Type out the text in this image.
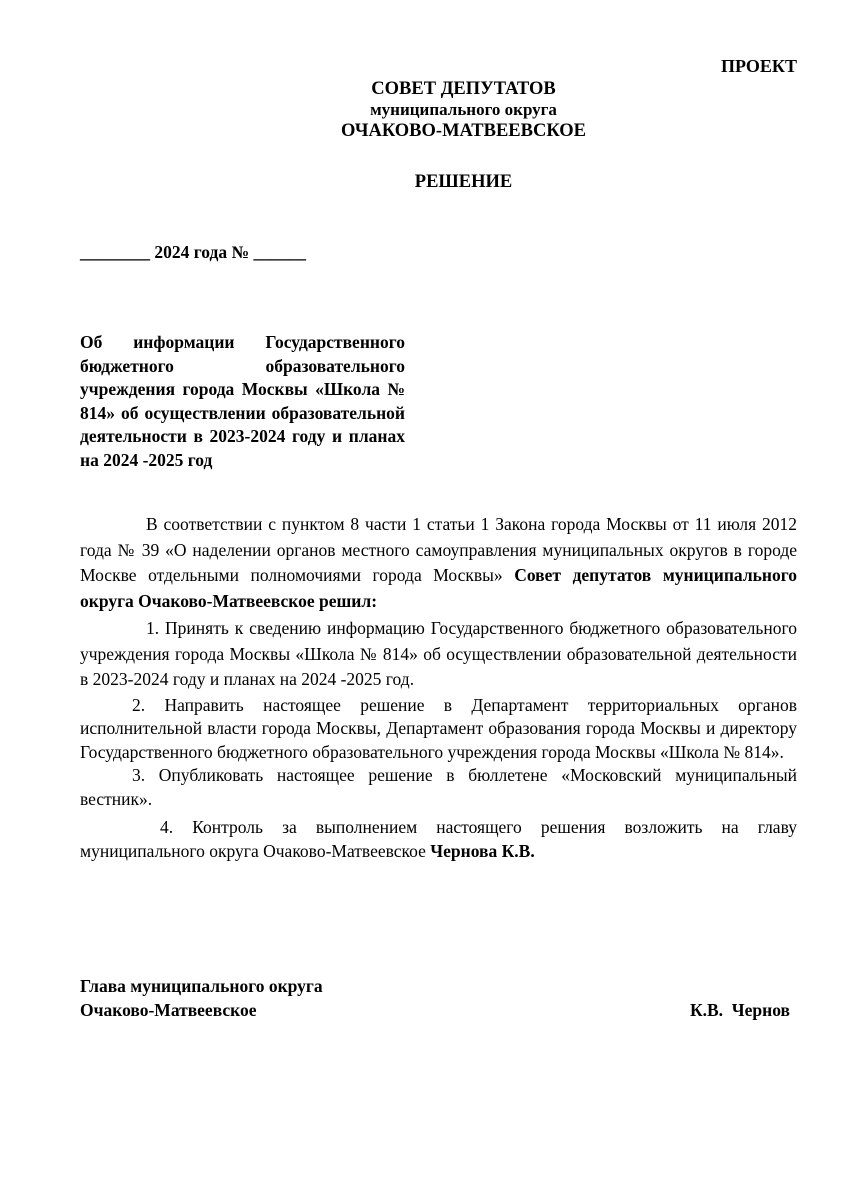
ПРОЕКТ
СОВЕТ ДЕПУТАТОВ
муниципального округа
ОЧАКОВО-МАТВЕЕВСКОЕ
РЕШЕНИЕ
________ 2024 года № ______
Об информации Государственного бюджетного образовательного учреждения города Москвы «Школа № 814» об осуществлении образовательной деятельности в 2023-2024 году и планах на 2024 -2025 год

В соответствии с пунктом 8 части 1 статьи 1 Закона города Москвы от 11 июля 2012 года № 39 «О наделении органов местного самоуправления муниципальных округов в городе Москве отдельными полномочиями города Москвы» Совет депутатов муниципального округа Очаково-Матвеевское решил:

1. Принять к сведению информацию Государственного бюджетного образовательного учреждения города Москвы «Школа № 814» об осуществлении образовательной деятельности в 2023-2024 году и планах на 2024 -2025 год.

2. Направить настоящее решение в Департамент территориальных органов исполнительной власти города Москвы, Департамент образования города Москвы и директору Государственного бюджетного образовательного учреждения города Москвы «Школа № 814».

3. Опубликовать настоящее решение в бюллетене «Московский муниципальный вестник».

4. Контроль за выполнением настоящего решения возложить на главу муниципального округа Очаково-Матвеевское Чернова К.В.

Глава муниципального округа
Очаково-Матвеевское	К.В.  Чернов
